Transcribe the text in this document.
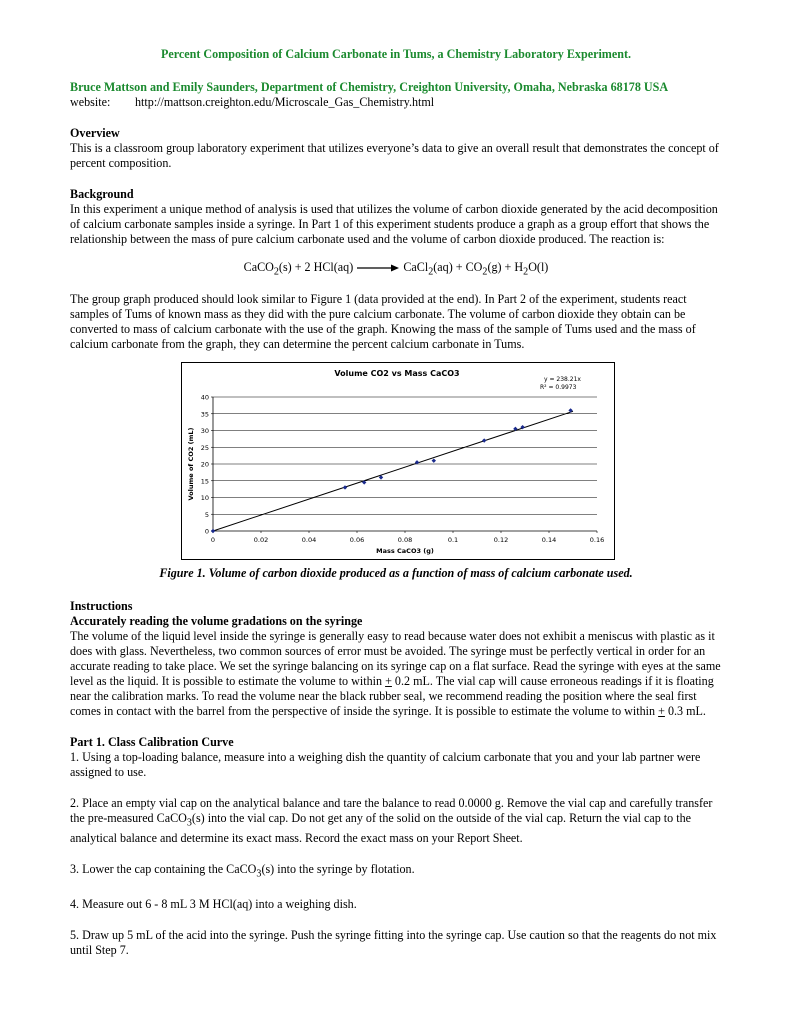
Percent Composition of Calcium Carbonate in Tums, a Chemistry Laboratory Experiment.

Bruce Mattson and Emily Saunders, Department of Chemistry, Creighton University, Omaha, Nebraska 68178 USA

website:	http://mattson.creighton.edu/Microscale_Gas_Chemistry.html
Overview

This is a classroom group laboratory experiment that utilizes everyone’s data to give an overall result that demonstrates the concept of percent composition.

Background

In this experiment a unique method of analysis is used that utilizes the volume of carbon dioxide generated by the acid decomposition of calcium carbonate samples inside a syringe. In Part 1 of this experiment students produce a graph as a group effort that shows the relationship between the mass of pure calcium carbonate used and the volume of carbon dioxide produced. The reaction is:

CaCO$_2$(s) + 2 HCl(aq) → CaCl$_2$(aq) + $CO_2(g) + H_2O(l)$

The group graph produced should look similar to Figure 1 (data provided at the end). In Part 2 of the experiment, students react samples of Tums of known mass as they did with the pure calcium carbonate. The volume of carbon dioxide they obtain can be converted to mass of calcium carbonate with the use of the graph. Knowing the mass of the sample of Tums used and the mass of calcium carbonate from the graph, they can determine the percent calcium carbonate in Tums.

Volume CO2 vs Mass CaCO3
y = 238.21x
R² = 0.9973
Mass CaCO3 (g)
Volume of CO2 (mL)
0
5
10
15
20
25
30
35
40
0	0.02	0.04	0.06	0.08	0.1	0.12	0.14	0.16

Figure 1. Volume of carbon dioxide produced as a function of mass of calcium carbonate used.

Instructions
Accurately reading the volume gradations on the syringe

The volume of the liquid level inside the syringe is generally easy to read because water does not exhibit a meniscus with plastic as it does with glass. Nevertheless, two common sources of error must be avoided. The syringe must be perfectly vertical in order for an accurate reading to take place. We set the syringe balancing on its syringe cap on a flat surface. Read the syringe with eyes at the same level as the liquid. It is possible to estimate the volume to within + 0.2 mL. The vial cap will cause erroneous readings if it is floating near the calibration marks. To read the volume near the black rubber seal, we recommend reading the position where the seal first comes in contact with the barrel from the perspective of inside the syringe. It is possible to estimate the volume to within + 0.3 mL.

Part 1. Class Calibration Curve

1. Using a top-loading balance, measure into a weighing dish the quantity of calcium carbonate that you and your lab partner were assigned to use.

2. Place an empty vial cap on the analytical balance and tare the balance to read 0.0000 g. Remove the vial cap and carefully transfer the pre-measured CaCO$_3$(s) into the vial cap. Do not get any of the solid on the outside of the vial cap. Return the vial cap to the analytical balance and determine its exact mass. Record the exact mass on your Report Sheet.

3. Lower the cap containing the CaCO$_3$(s) into the syringe by flotation.

4. Measure out 6 - 8 mL 3 M HCl(aq) into a weighing dish.

5. Draw up 5 mL of the acid into the syringe. Push the syringe fitting into the syringe cap. Use caution so that the reagents do not mix until Step 7.
